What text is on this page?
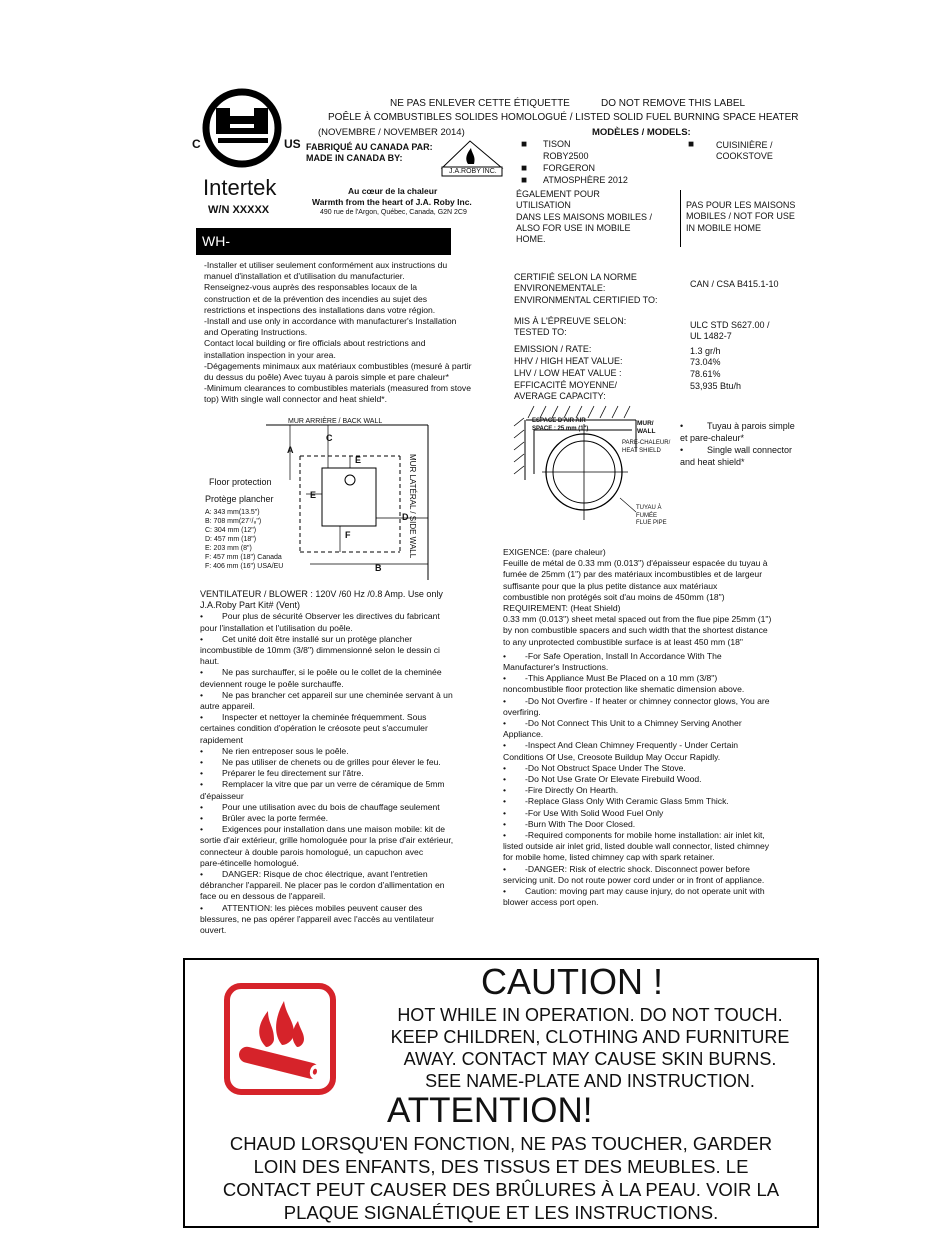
C	US
Intertek
W/N XXXXX
NE PAS ENLEVER CETTE ÉTIQUETTE	DO NOT REMOVE THIS LABEL
POÊLE À COMBUSTIBLES SOLIDES HOMOLOGUÉ / LISTED SOLID FUEL BURNING SPACE HEATER
(NOVEMBRE / NOVEMBER 2014)	MODÈLES / MODELS:
FABRIQUÉ AU CANADA PAR:
MADE IN CANADA BY:
J.A.ROBY INC.
Au cœur de la chaleur
Warmth from the heart of J.A. Roby Inc.
490 rue de l'Argon, Québec, Canada, G2N 2C9
WH-
■ TISON
ROBY2500
■ FORGERON
■ ATMOSPHÈRE 2012
■	CUISINIÈRE /
COOKSTOVE
ÉGALEMENT POUR
UTILISATION
DANS LES MAISONS MOBILES /
ALSO FOR USE IN MOBILE
HOME.
PAS POUR LES MAISONS
MOBILES / NOT FOR USE
IN MOBILE HOME
CERTIFIÉ SELON LA NORME
ENVIRONEMENTALE:
ENVIRONMENTAL CERTIFIED TO:
CAN / CSA B415.1-10
MIS À L'ÉPREUVE SELON:
TESTED TO:
ULC STD S627.00 /
UL 1482-7
EMISSION / RATE:	1.3 gr/h
HHV / HIGH HEAT VALUE:	73.04%
LHV / LOW HEAT VALUE :	78.61%
EFFICACITÉ MOYENNE/
AVERAGE CAPACITY:
53,935 Btu/h
-Installer et utiliser seulement conformément aux instructions du
manuel d'installation et d'utilisation du manufacturier.
Renseignez-vous auprès des responsables locaux de la
construction et de la prévention des incendies au sujet des
restrictions et inspections des installations dans votre région.
-Install and use only in accordance with manufacturer's Installation
and Operating Instructions.
Contact local building or fire officials about restrictions and
installation inspection in your area.
-Dégagements minimaux aux matériaux combustibles (mesuré à partir
du dessus du poêle) Avec tuyau à parois simple et pare chaleur*
-Minimum clearances to combustibles materials (measured from stove
top) With single wall connector and heat shield*.
MUR ARRIÈRE / BACK WALL
MUR LATÉRAL / SIDE WALL
A
B
C
D
E
E
F
Floor protection
Protège plancher
A: 343 mm(13.5")
B: 708 mm(27⁷/₈")
C: 304 mm (12")
D: 457 mm (18")
E: 203 mm (8")
F: 457 mm (18") Canada
F: 406 mm (16") USA/EU
ESPACE D'AIR AIR
SPACE : 25 mm (1")
MUR/
WALL
PARE-CHALEUR/
HEAT SHIELD
TUYAU À
FUMÉE
FLUE PIPE
•	Tuyau à parois simple
et pare-chaleur*
•	Single wall connector
and heat shield*
VENTILATEUR / BLOWER : 120V /60 Hz /0.8 Amp. Use only
J.A.Roby Part Kit# (Vent)
• Pour plus de sécurité Observer les directives du fabricant
pour l'installation et l'utilisation du poêle.
• Cet unité doit être installé sur un protège plancher
incombustible de 10mm (3/8") dimmensionné selon le dessin ci
haut.
• Ne pas surchauffer, si le poêle ou le collet de la cheminée
deviennent rouge le poêle surchauffe.
• Ne pas brancher cet appareil sur une cheminée servant à un
autre appareil.
• Inspecter et nettoyer la cheminée fréquemment. Sous
certaines condition d'opération le créosote peut s'accumuler
rapidement
• Ne rien entreposer sous le poêle.
• Ne pas utiliser de chenets ou de grilles pour élever le feu.
• Préparer le feu directement sur l'âtre.
• Remplacer la vitre que par un verre de céramique de 5mm
d'épaisseur
• Pour une utilisation avec du bois de chauffage seulement
• Brûler avec la porte fermée.
• Exigences pour installation dans une maison mobile: kit de
sortie d'air extérieur, grille homologuée pour la prise d'air extérieur,
connecteur à double parois homologué, un capuchon avec
pare-étincelle homologué.
• DANGER: Risque de choc électrique, avant l'entretien
débrancher l'appareil. Ne placer pas le cordon d'allimentation en
face ou en dessous de l'appareil.
• ATTENTION: les pièces mobiles peuvent causer des
blessures, ne pas opérer l'appareil avec l'accès au ventilateur
ouvert.
EXIGENCE: (pare chaleur)
Feuille de métal de 0.33 mm (0.013") d'épaisseur espacée du tuyau à
fumée de 25mm (1") par des matériaux incombustibles et de largeur
suffisante pour que la plus petite distance aux matériaux
combustible non protégés soit d'au moins de 450mm (18")
REQUIREMENT: (Heat Shield)
0.33 mm (0.013") sheet metal spaced out from the flue pipe 25mm (1")
by non combustible spacers and such width that the shortest distance
to any unprotected combustible surface is at least 450 mm (18"
• -For Safe Operation, Install In Accordance With The
Manufacturer's Instructions.
• -This Appliance Must Be Placed on a 10 mm (3/8")
noncombustible floor protection like shematic dimension above.
• -Do Not Overfire - If heater or chimney connector glows, You are
overfiring.
• -Do Not Connect This Unit to a Chimney Serving Another
Appliance.
• -Inspect And Clean Chimney Frequently - Under Certain
Conditions Of Use, Creosote Buildup May Occur Rapidly.
• -Do Not Obstruct Space Under The Stove.
• -Do Not Use Grate Or Elevate Firebuild Wood.
• -Fire Directly On Hearth.
• -Replace Glass Only With Ceramic Glass 5mm Thick.
• -For Use With Solid Wood Fuel Only
• -Burn With The Door Closed.
• -Required components for mobile home installation: air inlet kit,
listed outside air inlet grid, listed double wall connector, listed chimney
for mobile home, listed chimney cap with spark retainer.
• -DANGER: Risk of electric shock. Disconnect power before
servicing unit. Do not route power cord under or in front of appliance.
• Caution: moving part may cause injury, do not operate unit with
blower access port open.
CAUTION !
HOT WHILE IN OPERATION. DO NOT TOUCH.
KEEP CHILDREN, CLOTHING AND FURNITURE
AWAY. CONTACT MAY CAUSE SKIN BURNS.
SEE NAME-PLATE AND INSTRUCTION.
ATTENTION!
CHAUD LORSQU'EN FONCTION, NE PAS TOUCHER, GARDER
LOIN DES ENFANTS, DES TISSUS ET DES MEUBLES. LE
CONTACT PEUT CAUSER DES BRÛLURES À LA PEAU. VOIR LA
PLAQUE SIGNALÉTIQUE ET LES INSTRUCTIONS.
